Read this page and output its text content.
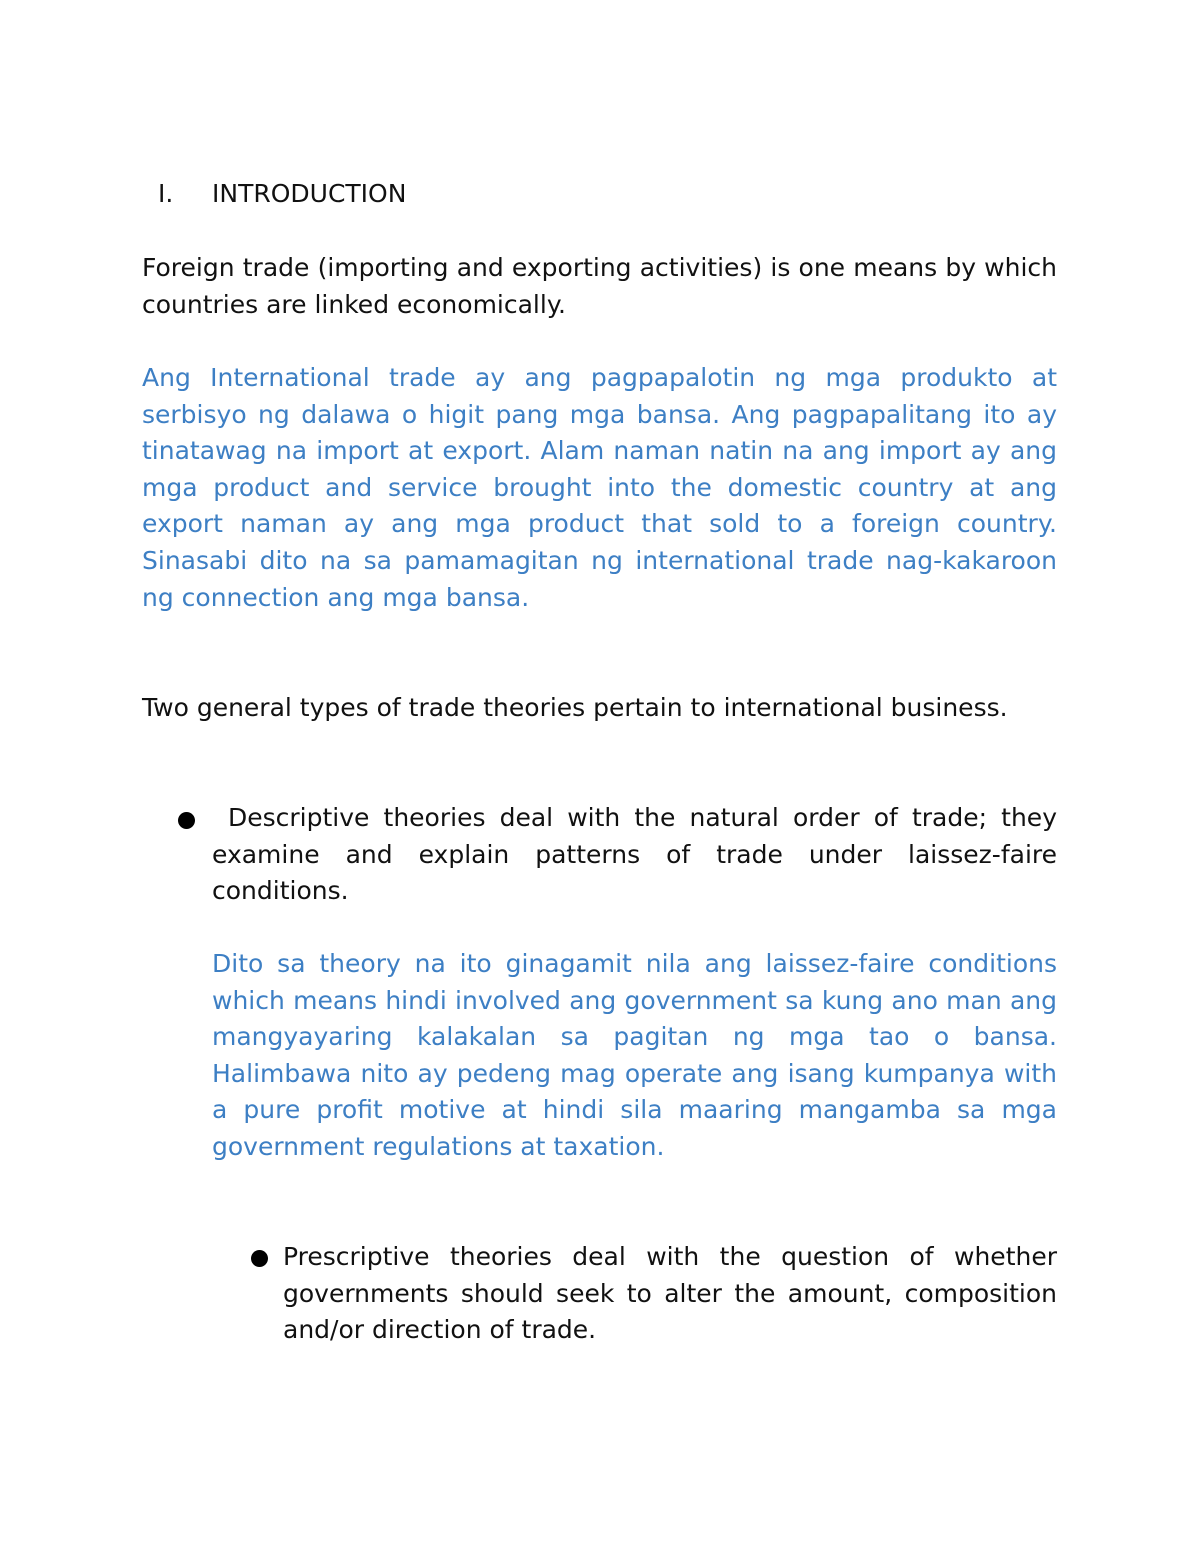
I. INTRODUCTION

Foreign trade (importing and exporting activities) is one means by which countries are linked economically.

Ang International trade ay ang pagpapalotin ng mga produkto at serbisyo ng dalawa o higit pang mga bansa. Ang pagpapalitang ito ay tinatawag na import at export. Alam naman natin na ang import ay ang mga product and service brought into the domestic country at ang export naman ay ang mga product that sold to a foreign country. Sinasabi dito na sa pamamagitan ng international trade nag-kakaroon ng connection ang mga bansa.

Two general types of trade theories pertain to international business.

Descriptive theories deal with the natural order of trade; they examine and explain patterns of trade under laissez-faire conditions.

Dito sa theory na ito ginagamit nila ang laissez-faire conditions which means hindi involved ang government sa kung ano man ang mangyayaring kalakalan sa pagitan ng mga tao o bansa. Halimbawa nito ay pedeng mag operate ang isang kumpanya with a pure profit motive at hindi sila maaring mangamba sa mga government regulations at taxation.

Prescriptive theories deal with the question of whether governments should seek to alter the amount, composition and/or direction of trade.
